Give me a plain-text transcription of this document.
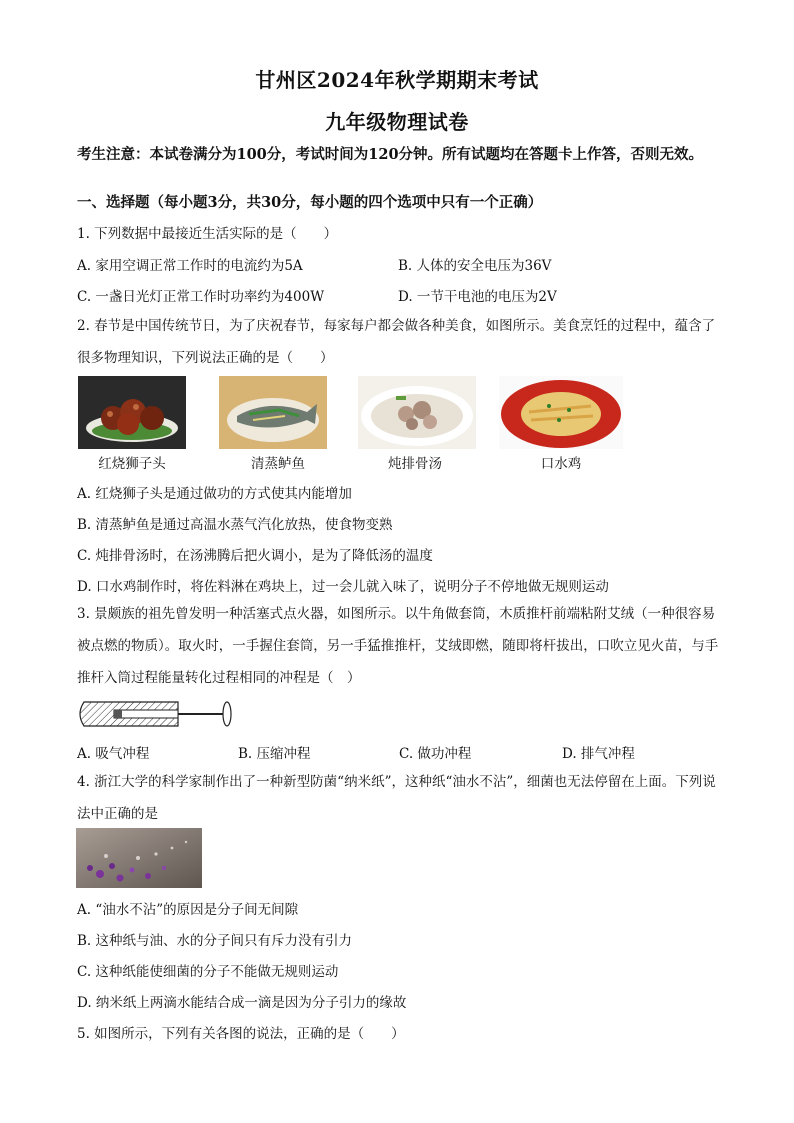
甘州区2024年秋学期期末考试
九年级物理试卷
考生注意：本试卷满分为100分，考试时间为120分钟。所有试题均在答题卡上作答，否则无效。
一、选择题（每小题3分，共30分，每小题的四个选项中只有一个正确）
1. 下列数据中最接近生活实际的是（　　）
A. 家用空调正常工作时的电流约为5A	B. 人体的安全电压为36V
C. 一盏日光灯正常工作时功率约为400W	D. 一节干电池的电压为2V
2. 春节是中国传统节日，为了庆祝春节，每家每户都会做各种美食，如图所示。美食烹饪的过程中，蕴含了很多物理知识，下列说法正确的是（　　）
红烧狮子头	清蒸鲈鱼	炖排骨汤	口水鸡
A. 红烧狮子头是通过做功的方式使其内能增加
B. 清蒸鲈鱼是通过高温水蒸气汽化放热，使食物变熟
C. 炖排骨汤时，在汤沸腾后把火调小，是为了降低汤的温度
D. 口水鸡制作时，将佐料淋在鸡块上，过一会儿就入味了，说明分子不停地做无规则运动
3. 景颇族的祖先曾发明一种活塞式点火器，如图所示。以牛角做套筒，木质推杆前端粘附艾绒（一种很容易被点燃的物质）。取火时，一手握住套筒，另一手猛推推杆，艾绒即燃，随即将杆拔出，口吹立见火苗，与手推杆入筒过程能量转化过程相同的冲程是（　）
A. 吸气冲程	B. 压缩冲程	C. 做功冲程	D. 排气冲程
4. 浙江大学的科学家制作出了一种新型防菌“纳米纸”，这种纸“油水不沾”，细菌也无法停留在上面。下列说法中正确的是
A. “油水不沾”的原因是分子间无间隙
B. 这种纸与油、水的分子间只有斥力没有引力
C. 这种纸能使细菌的分子不能做无规则运动
D. 纳米纸上两滴水能结合成一滴是因为分子引力的缘故
5. 如图所示，下列有关各图的说法，正确的是（　　）
